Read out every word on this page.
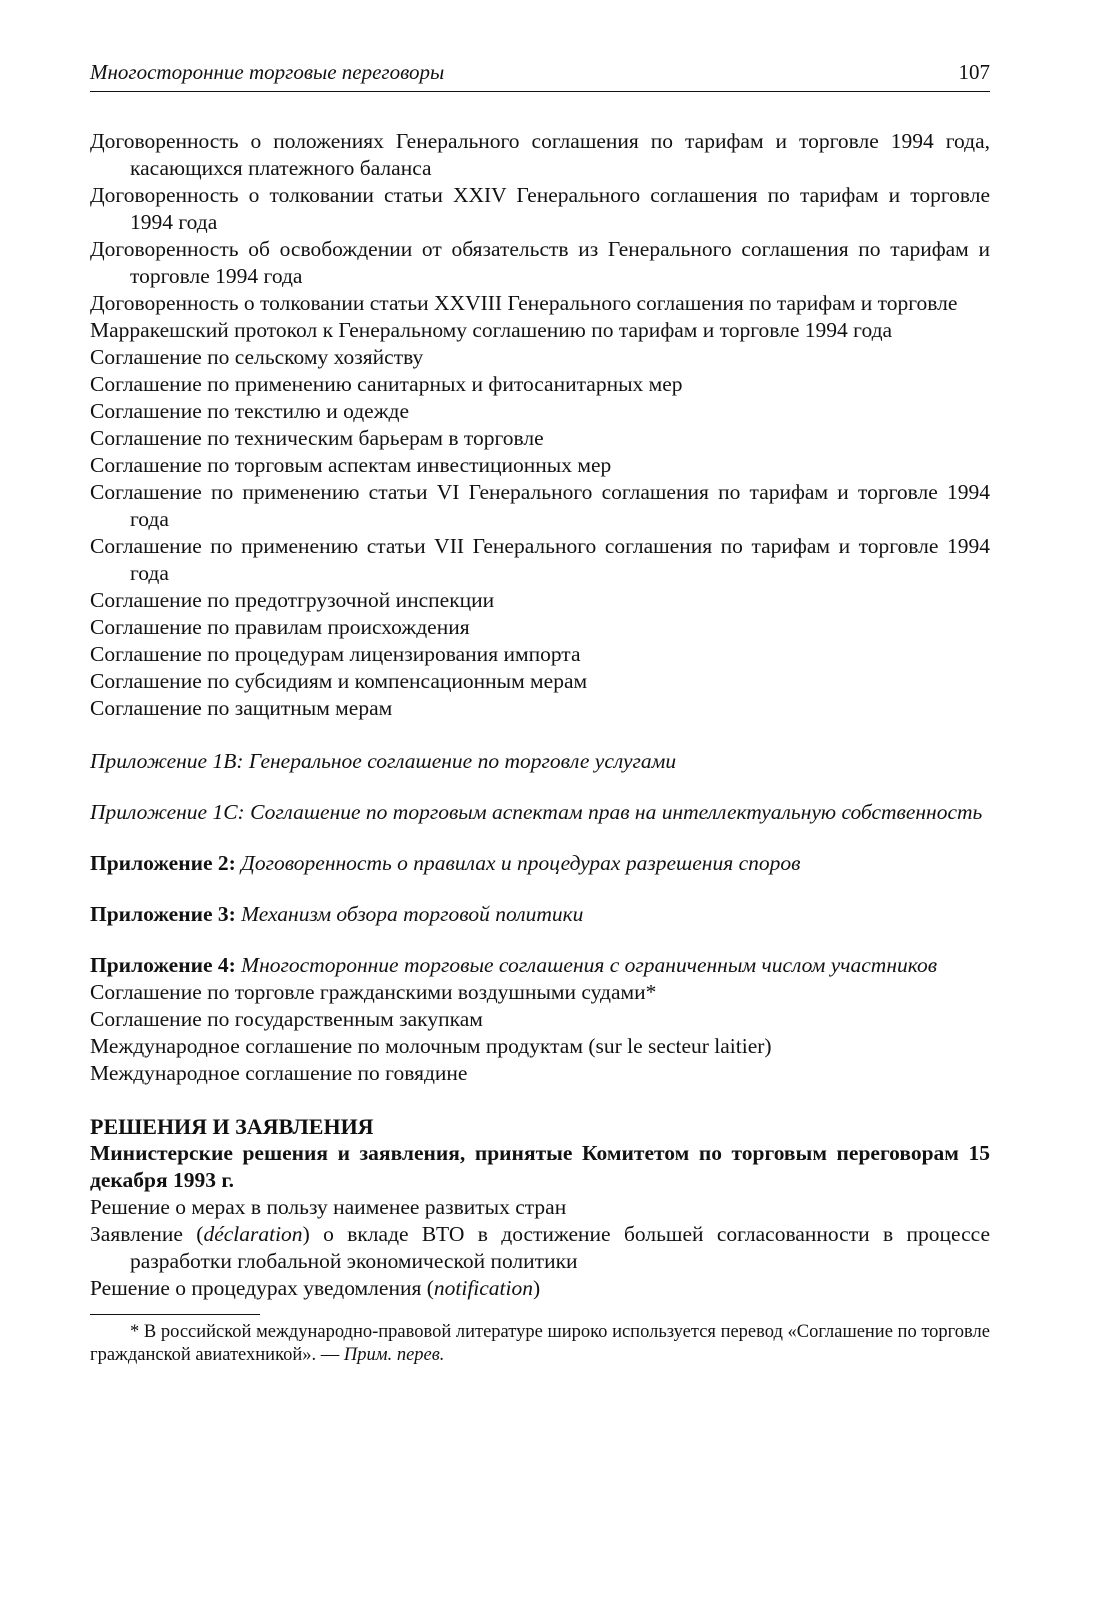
Многосторонние торговые переговоры	107
Договоренность о положениях Генерального соглашения по тарифам и торговле 1994 года, касающихся платежного баланса
Договоренность о толковании статьи XXIV Генерального соглашения по тарифам и торговле 1994 года
Договоренность об освобождении от обязательств из Генерального соглашения по тарифам и торговле 1994 года
Договоренность о толковании статьи XXVIII Генерального соглашения по тарифам и торговле
Марракешский протокол к Генеральному соглашению по тарифам и торговле 1994 года
Соглашение по сельскому хозяйству
Соглашение по применению санитарных и фитосанитарных мер
Соглашение по текстилю и одежде
Соглашение по техническим барьерам в торговле
Соглашение по торговым аспектам инвестиционных мер
Соглашение по применению статьи VI Генерального соглашения по тарифам и торговле 1994 года
Соглашение по применению статьи VII Генерального соглашения по тарифам и торговле 1994 года
Соглашение по предотгрузочной инспекции
Соглашение по правилам происхождения
Соглашение по процедурам лицензирования импорта
Соглашение по субсидиям и компенсационным мерам
Соглашение по защитным мерам
Приложение 1В: Генеральное соглашение по торговле услугами
Приложение 1С: Соглашение по торговым аспектам прав на интеллектуальную собственность
Приложение 2: Договоренность о правилах и процедурах разрешения споров
Приложение 3: Механизм обзора торговой политики
Приложение 4: Многосторонние торговые соглашения с ограниченным числом участников
Соглашение по торговле гражданскими воздушными судами*
Соглашение по государственным закупкам
Международное соглашение по молочным продуктам (sur le secteur laitier)
Международное соглашение по говядине
РЕШЕНИЯ И ЗАЯВЛЕНИЯ
Министерские решения и заявления, принятые Комитетом по торговым переговорам 15 декабря 1993 г.
Решение о мерах в пользу наименее развитых стран
Заявление (déclaration) о вкладе ВТО в достижение большей согласованности в процессе разработки глобальной экономической политики
Решение о процедурах уведомления (notification)
* В российской международно-правовой литературе широко используется перевод «Соглашение по торговле гражданской авиатехникой». — Прим. перев.
